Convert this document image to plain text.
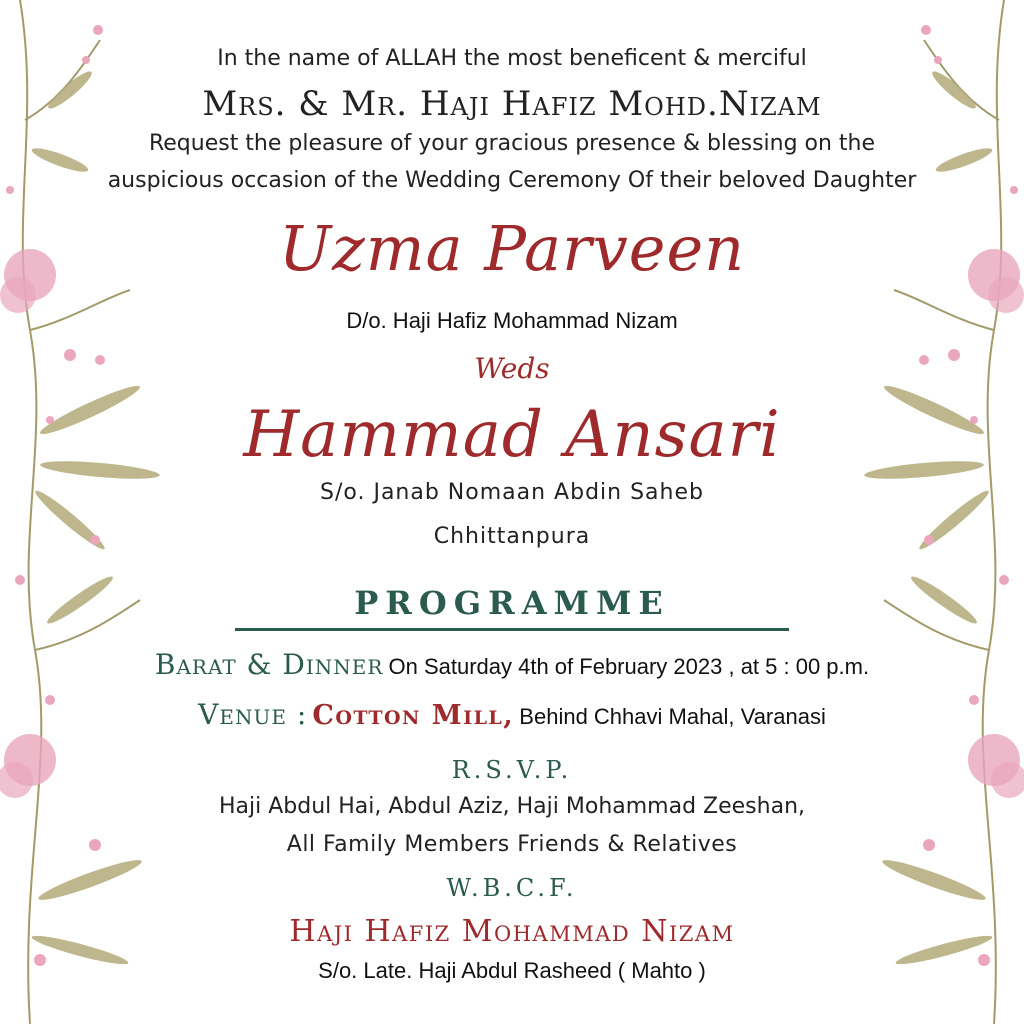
In the name of ALLAH the most beneficent & merciful
Mrs. & Mr. Haji Hafiz Mohd.Nizam
Request the pleasure of your gracious presence & blessing on the
auspicious occasion of the Wedding Ceremony Of their beloved Daughter
Uzma Parveen
D/o. Haji Hafiz Mohammad Nizam
Weds
Hammad Ansari
S/o. Janab Nomaan Abdin Saheb
Chhittanpura
PROGRAMME
Barat & Dinner On Saturday 4th of February 2023 , at 5 : 00 p.m.
Venue : Cotton Mill, Behind Chhavi Mahal, Varanasi
R.S.V.P.
Haji Abdul Hai, Abdul Aziz, Haji Mohammad Zeeshan,
All Family Members Friends & Relatives
W.B.C.F.
Haji Hafiz Mohammad Nizam
S/o. Late. Haji Abdul Rasheed ( Mahto )
